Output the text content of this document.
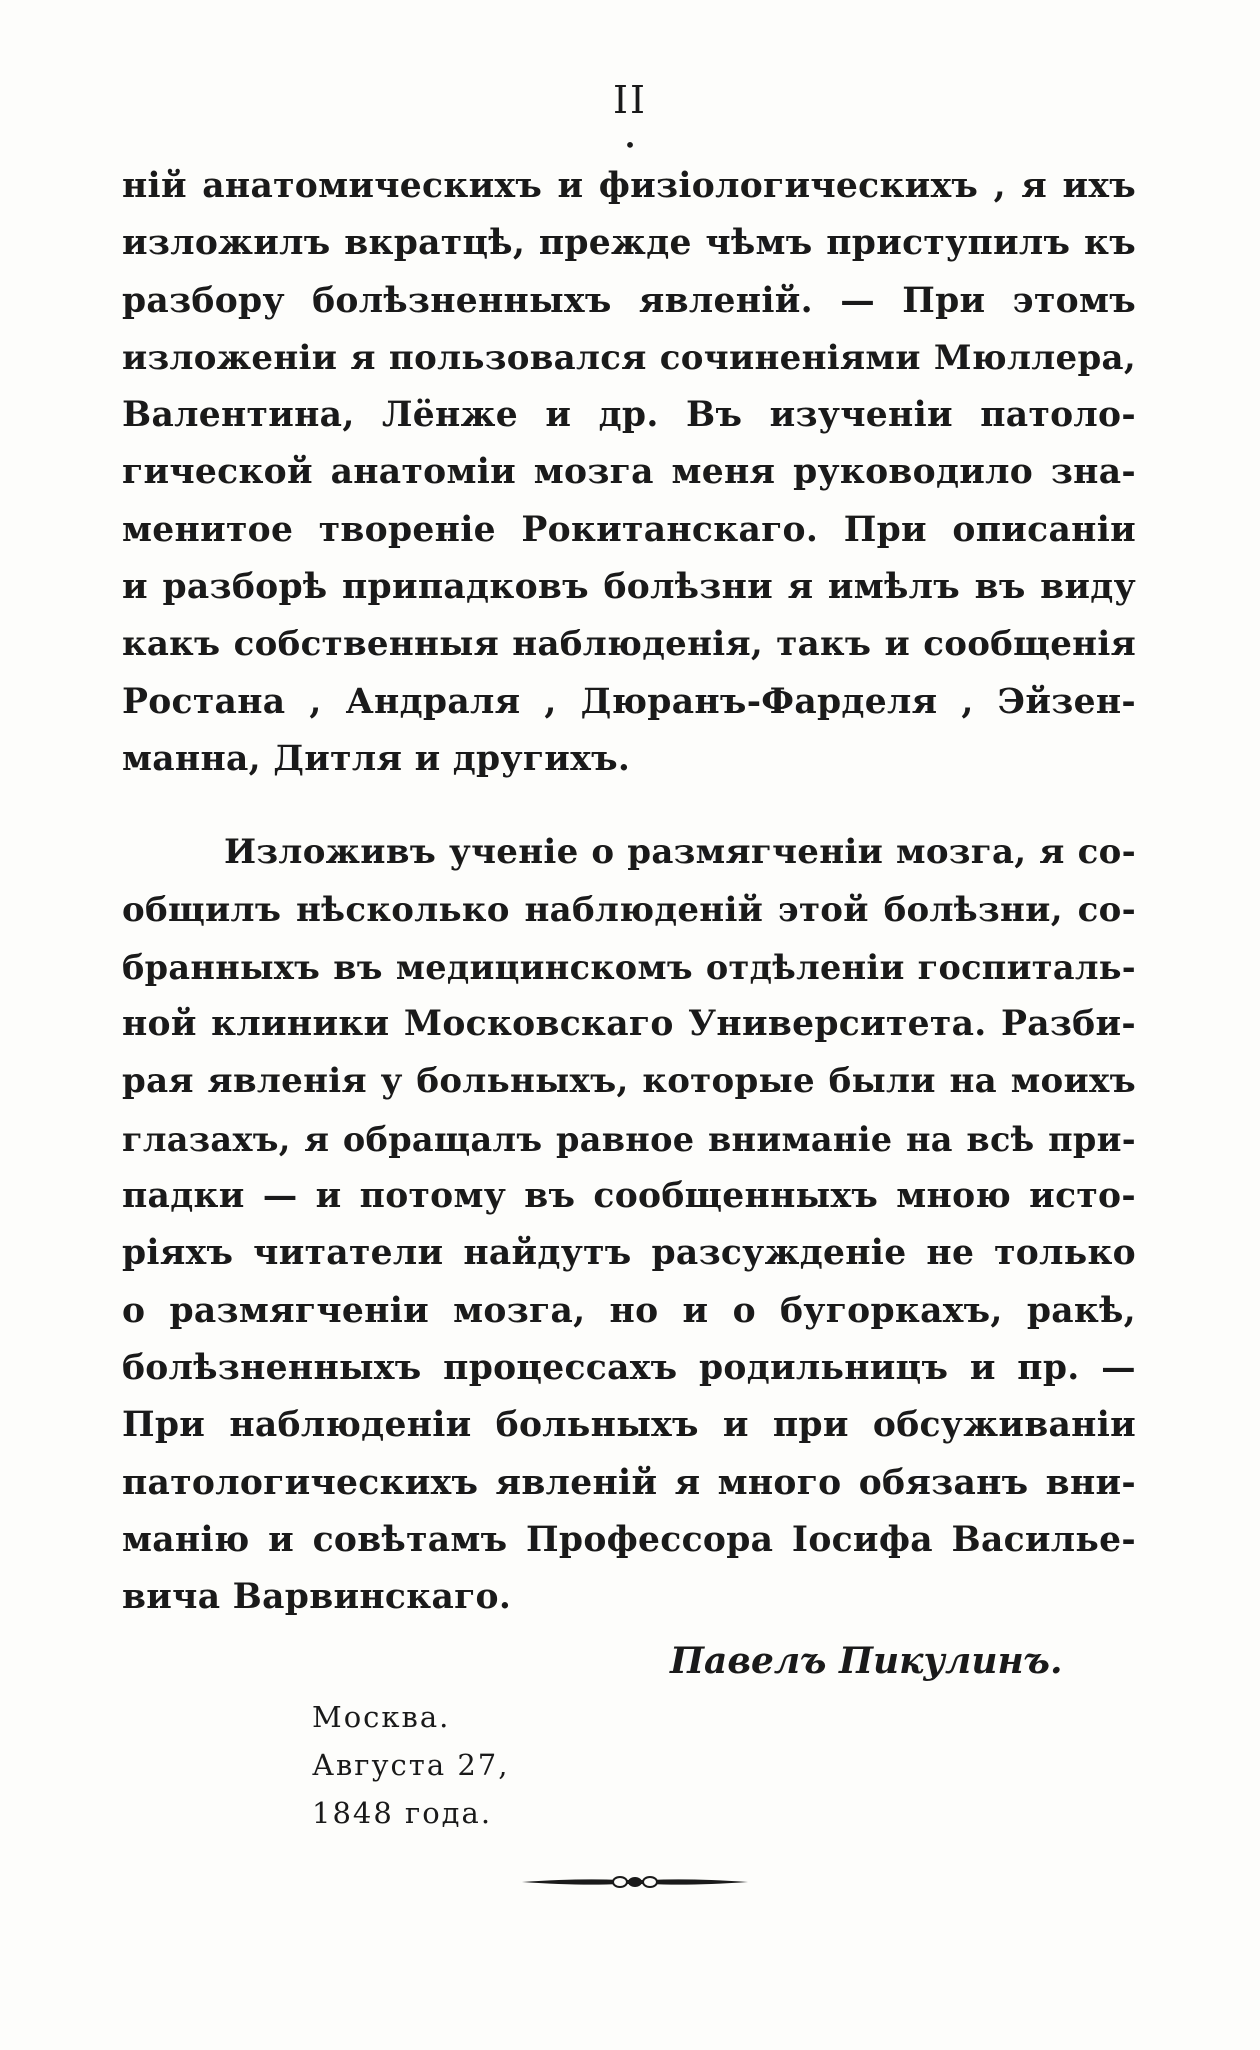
II
•
ній анатомическихъ и физіологическихъ , я ихъ
изложилъ вкратцѣ, прежде чѣмъ приступилъ къ
разбору болѣзненныхъ явленій. — При этомъ
изложеніи я пользовался сочиненіями Мюллера,
Валентина, Лёнже и др. Въ изученіи патоло-
гической анатоміи мозга меня руководило зна-
менитое твореніе Рокитанскаго. При описаніи
и разборѣ припадковъ болѣзни я имѣлъ въ виду
какъ собственныя наблюденія, такъ и сообщенія
Ростана , Андраля , Дюранъ-Фарделя , Эйзен-
манна, Дитля и другихъ.
Изложивъ ученіе о размягченіи мозга, я со-
общилъ нѣсколько наблюденій этой болѣзни, со-
бранныхъ въ медицинскомъ отдѣленіи госпиталь-
ной клиники Московскаго Университета. Разби-
рая явленія у больныхъ, которые были на моихъ
глазахъ, я обращалъ равное вниманіе на всѣ при-
падки — и потому въ сообщенныхъ мною исто-
ріяхъ читатели найдутъ разсужденіе не только
о размягченіи мозга, но и о бугоркахъ, ракѣ,
болѣзненныхъ процессахъ родильницъ и пр. —
При наблюденіи больныхъ и при обсуживаніи
патологическихъ явленій я много обязанъ вни-
манію и совѣтамъ Профессора Іосифа Василье-
вича Варвинскаго.
Павелъ Пикулинъ.
Москва.
Августа 27,
1848 года.
